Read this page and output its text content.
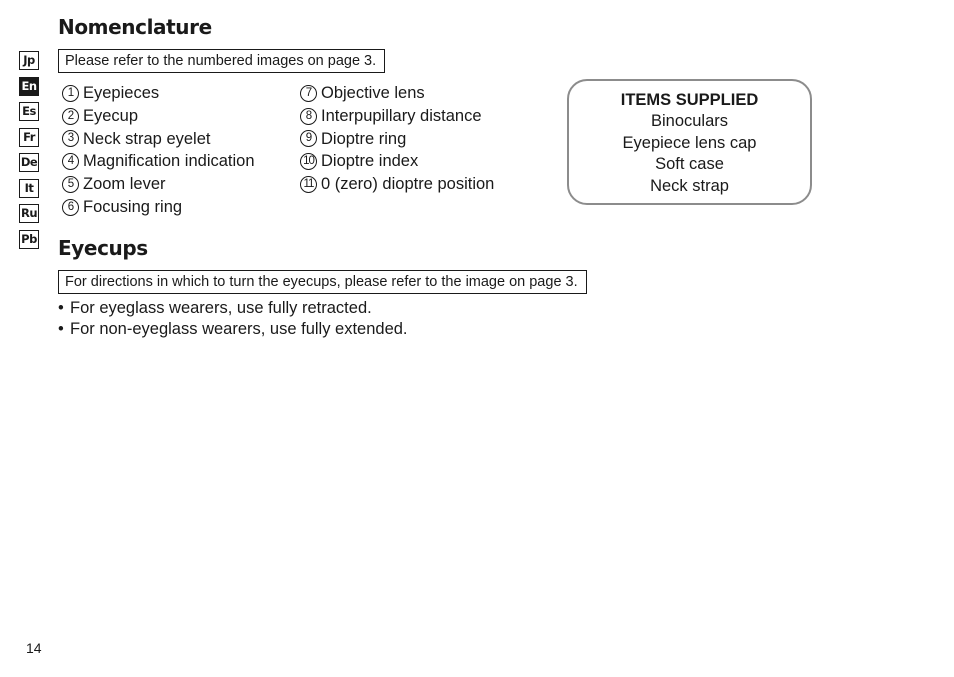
Jp
En
Es
Fr
De
It
Ru
Pb
Nomenclature
Please refer to the numbered images on page 3.
1 Eyepieces
2 Eyecup
3 Neck strap eyelet
4 Magnification indication
5 Zoom lever
6 Focusing ring
7 Objective lens
8 Interpupillary distance
9 Dioptre ring
10 Dioptre index
11 0 (zero) dioptre position
ITEMS SUPPLIED
Binoculars
Eyepiece lens cap
Soft case
Neck strap
Eyecups
For directions in which to turn the eyecups, please refer to the image on page 3.
• For eyeglass wearers, use fully retracted.
• For non-eyeglass wearers, use fully extended.
14
